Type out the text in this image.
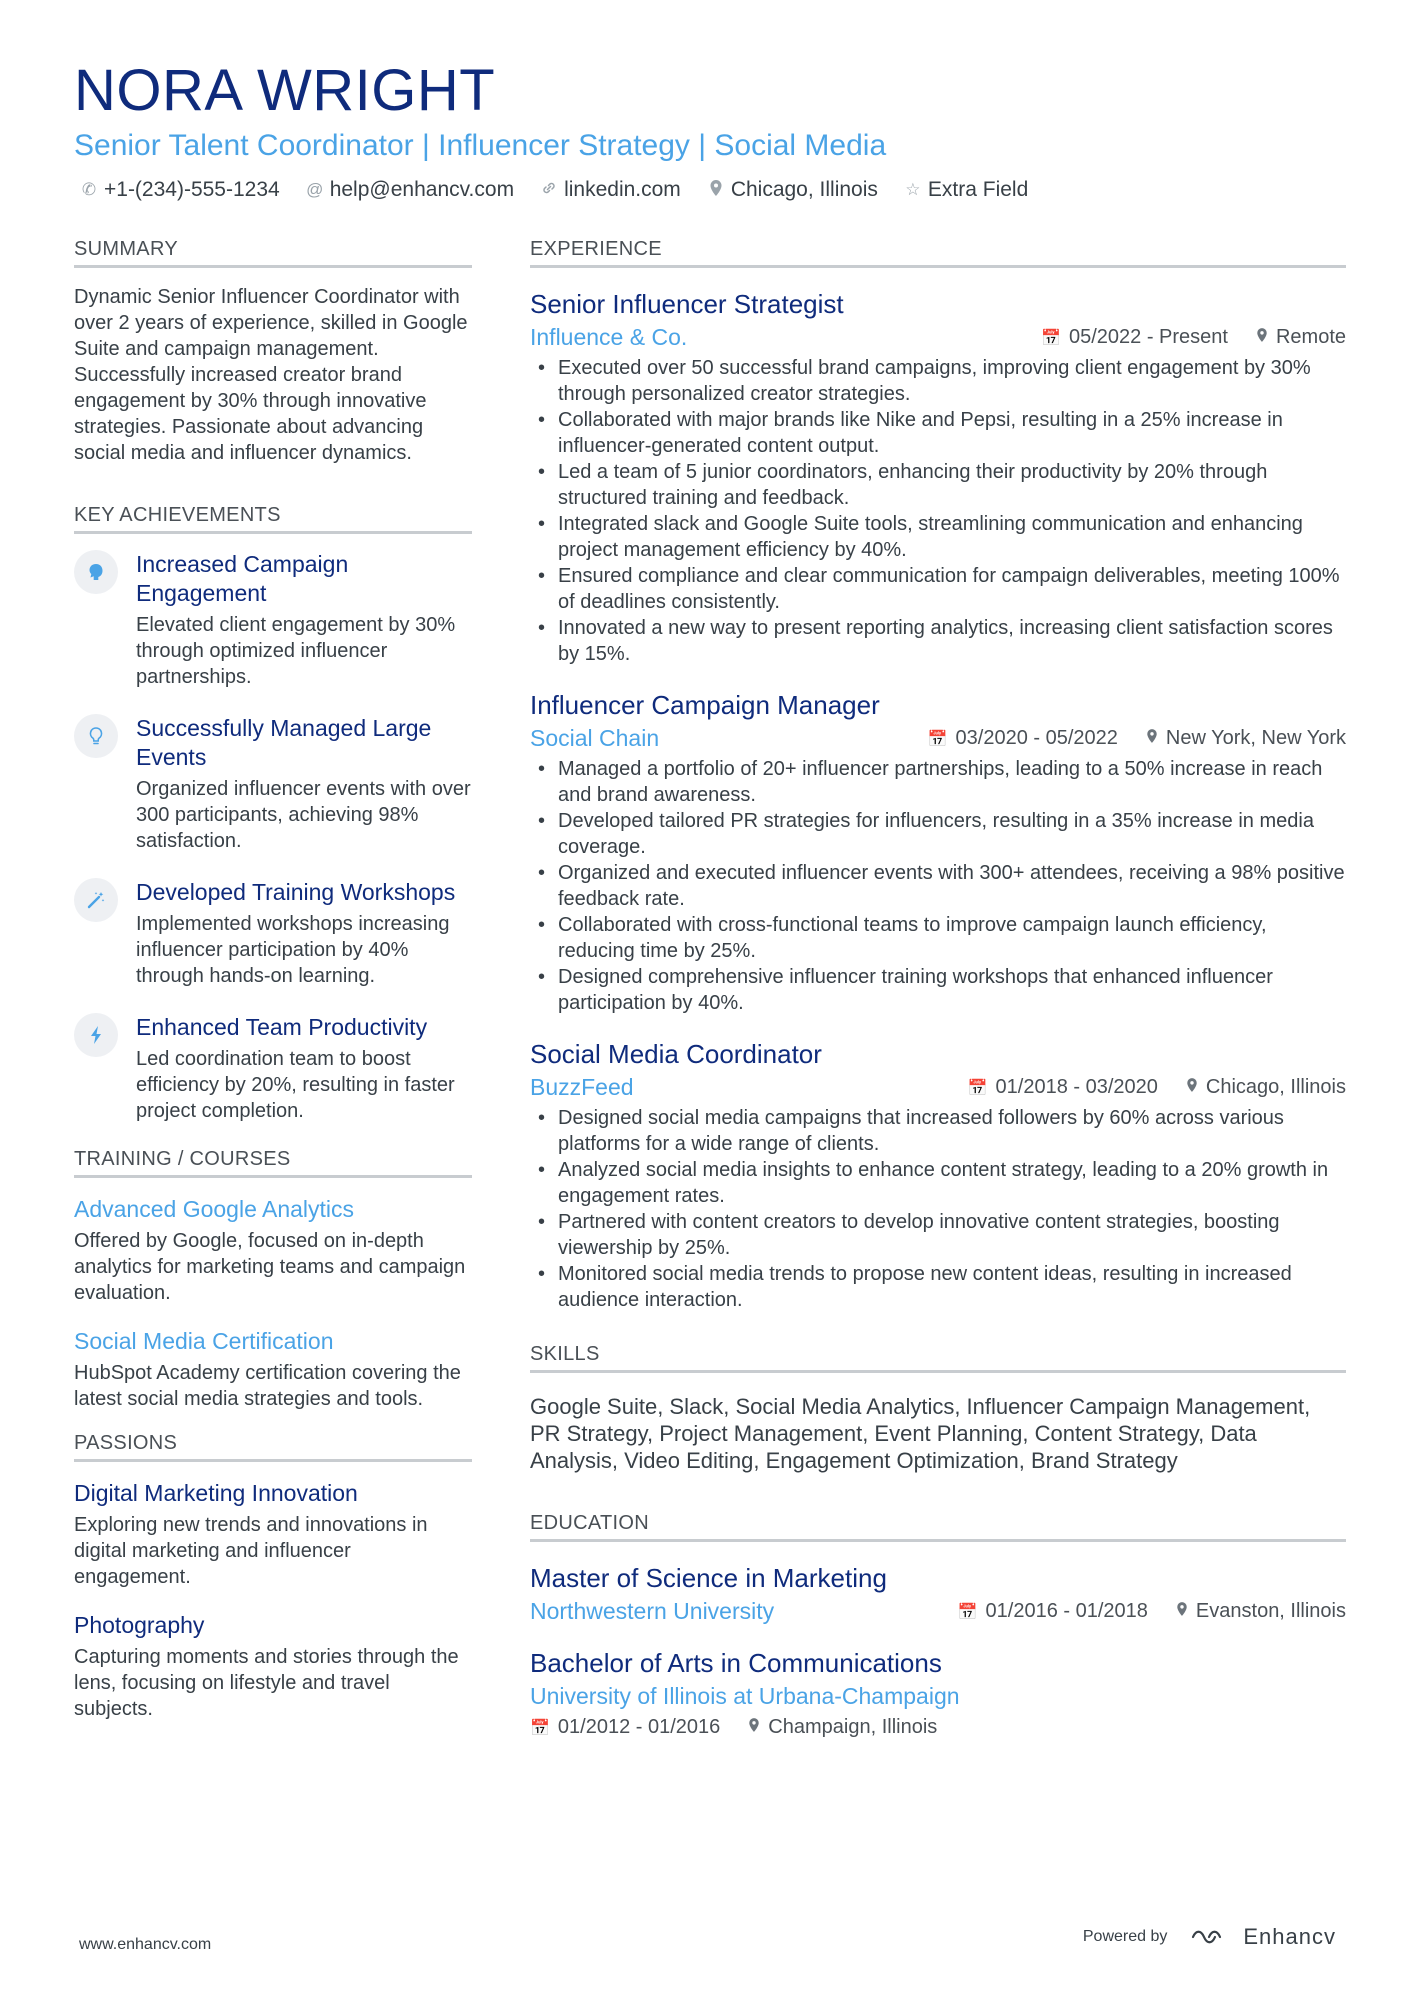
NORA WRIGHT
Senior Talent Coordinator | Influencer Strategy | Social Media
✆ +1-(234)-555-1234 @ help@enhancv.com linkedin.com Chicago, Illinois ☆ Extra Field
SUMMARY
Dynamic Senior Influencer Coordinator with over 2 years of experience, skilled in Google Suite and campaign management. Successfully increased creator brand engagement by 30% through innovative strategies. Passionate about advancing social media and influencer dynamics.
KEY ACHIEVEMENTS
Increased Campaign Engagement
Elevated client engagement by 30% through optimized influencer partnerships.
Successfully Managed Large Events
Organized influencer events with over 300 participants, achieving 98% satisfaction.
Developed Training Workshops
Implemented workshops increasing influencer participation by 40% through hands-on learning.
Enhanced Team Productivity
Led coordination team to boost efficiency by 20%, resulting in faster project completion.
TRAINING / COURSES
Advanced Google Analytics
Offered by Google, focused on in-depth analytics for marketing teams and campaign evaluation.
Social Media Certification
HubSpot Academy certification covering the latest social media strategies and tools.
PASSIONS
Digital Marketing Innovation
Exploring new trends and innovations in digital marketing and influencer engagement.
Photography
Capturing moments and stories through the lens, focusing on lifestyle and travel subjects.
EXPERIENCE
Senior Influencer Strategist
Influence & Co.	📅 05/2022 - Present Remote
• Executed over 50 successful brand campaigns, improving client engagement by 30% through personalized creator strategies.
• Collaborated with major brands like Nike and Pepsi, resulting in a 25% increase in influencer-generated content output.
• Led a team of 5 junior coordinators, enhancing their productivity by 20% through structured training and feedback.
• Integrated slack and Google Suite tools, streamlining communication and enhancing project management efficiency by 40%.
• Ensured compliance and clear communication for campaign deliverables, meeting 100% of deadlines consistently.
• Innovated a new way to present reporting analytics, increasing client satisfaction scores by 15%.
Influencer Campaign Manager
Social Chain	📅 03/2020 - 05/2022 New York, New York
• Managed a portfolio of 20+ influencer partnerships, leading to a 50% increase in reach and brand awareness.
• Developed tailored PR strategies for influencers, resulting in a 35% increase in media coverage.
• Organized and executed influencer events with 300+ attendees, receiving a 98% positive feedback rate.
• Collaborated with cross-functional teams to improve campaign launch efficiency, reducing time by 25%.
• Designed comprehensive influencer training workshops that enhanced influencer participation by 40%.
Social Media Coordinator
BuzzFeed	📅 01/2018 - 03/2020 Chicago, Illinois
• Designed social media campaigns that increased followers by 60% across various platforms for a wide range of clients.
• Analyzed social media insights to enhance content strategy, leading to a 20% growth in engagement rates.
• Partnered with content creators to develop innovative content strategies, boosting viewership by 25%.
• Monitored social media trends to propose new content ideas, resulting in increased audience interaction.
SKILLS
Google Suite, Slack, Social Media Analytics, Influencer Campaign Management, PR Strategy, Project Management, Event Planning, Content Strategy, Data Analysis, Video Editing, Engagement Optimization, Brand Strategy
EDUCATION
Master of Science in Marketing
Northwestern University	📅 01/2016 - 01/2018 Evanston, Illinois
Bachelor of Arts in Communications
University of Illinois at Urbana-Champaign
📅 01/2012 - 01/2016 Champaign, Illinois
www.enhancv.com	Powered by	Enhancv
